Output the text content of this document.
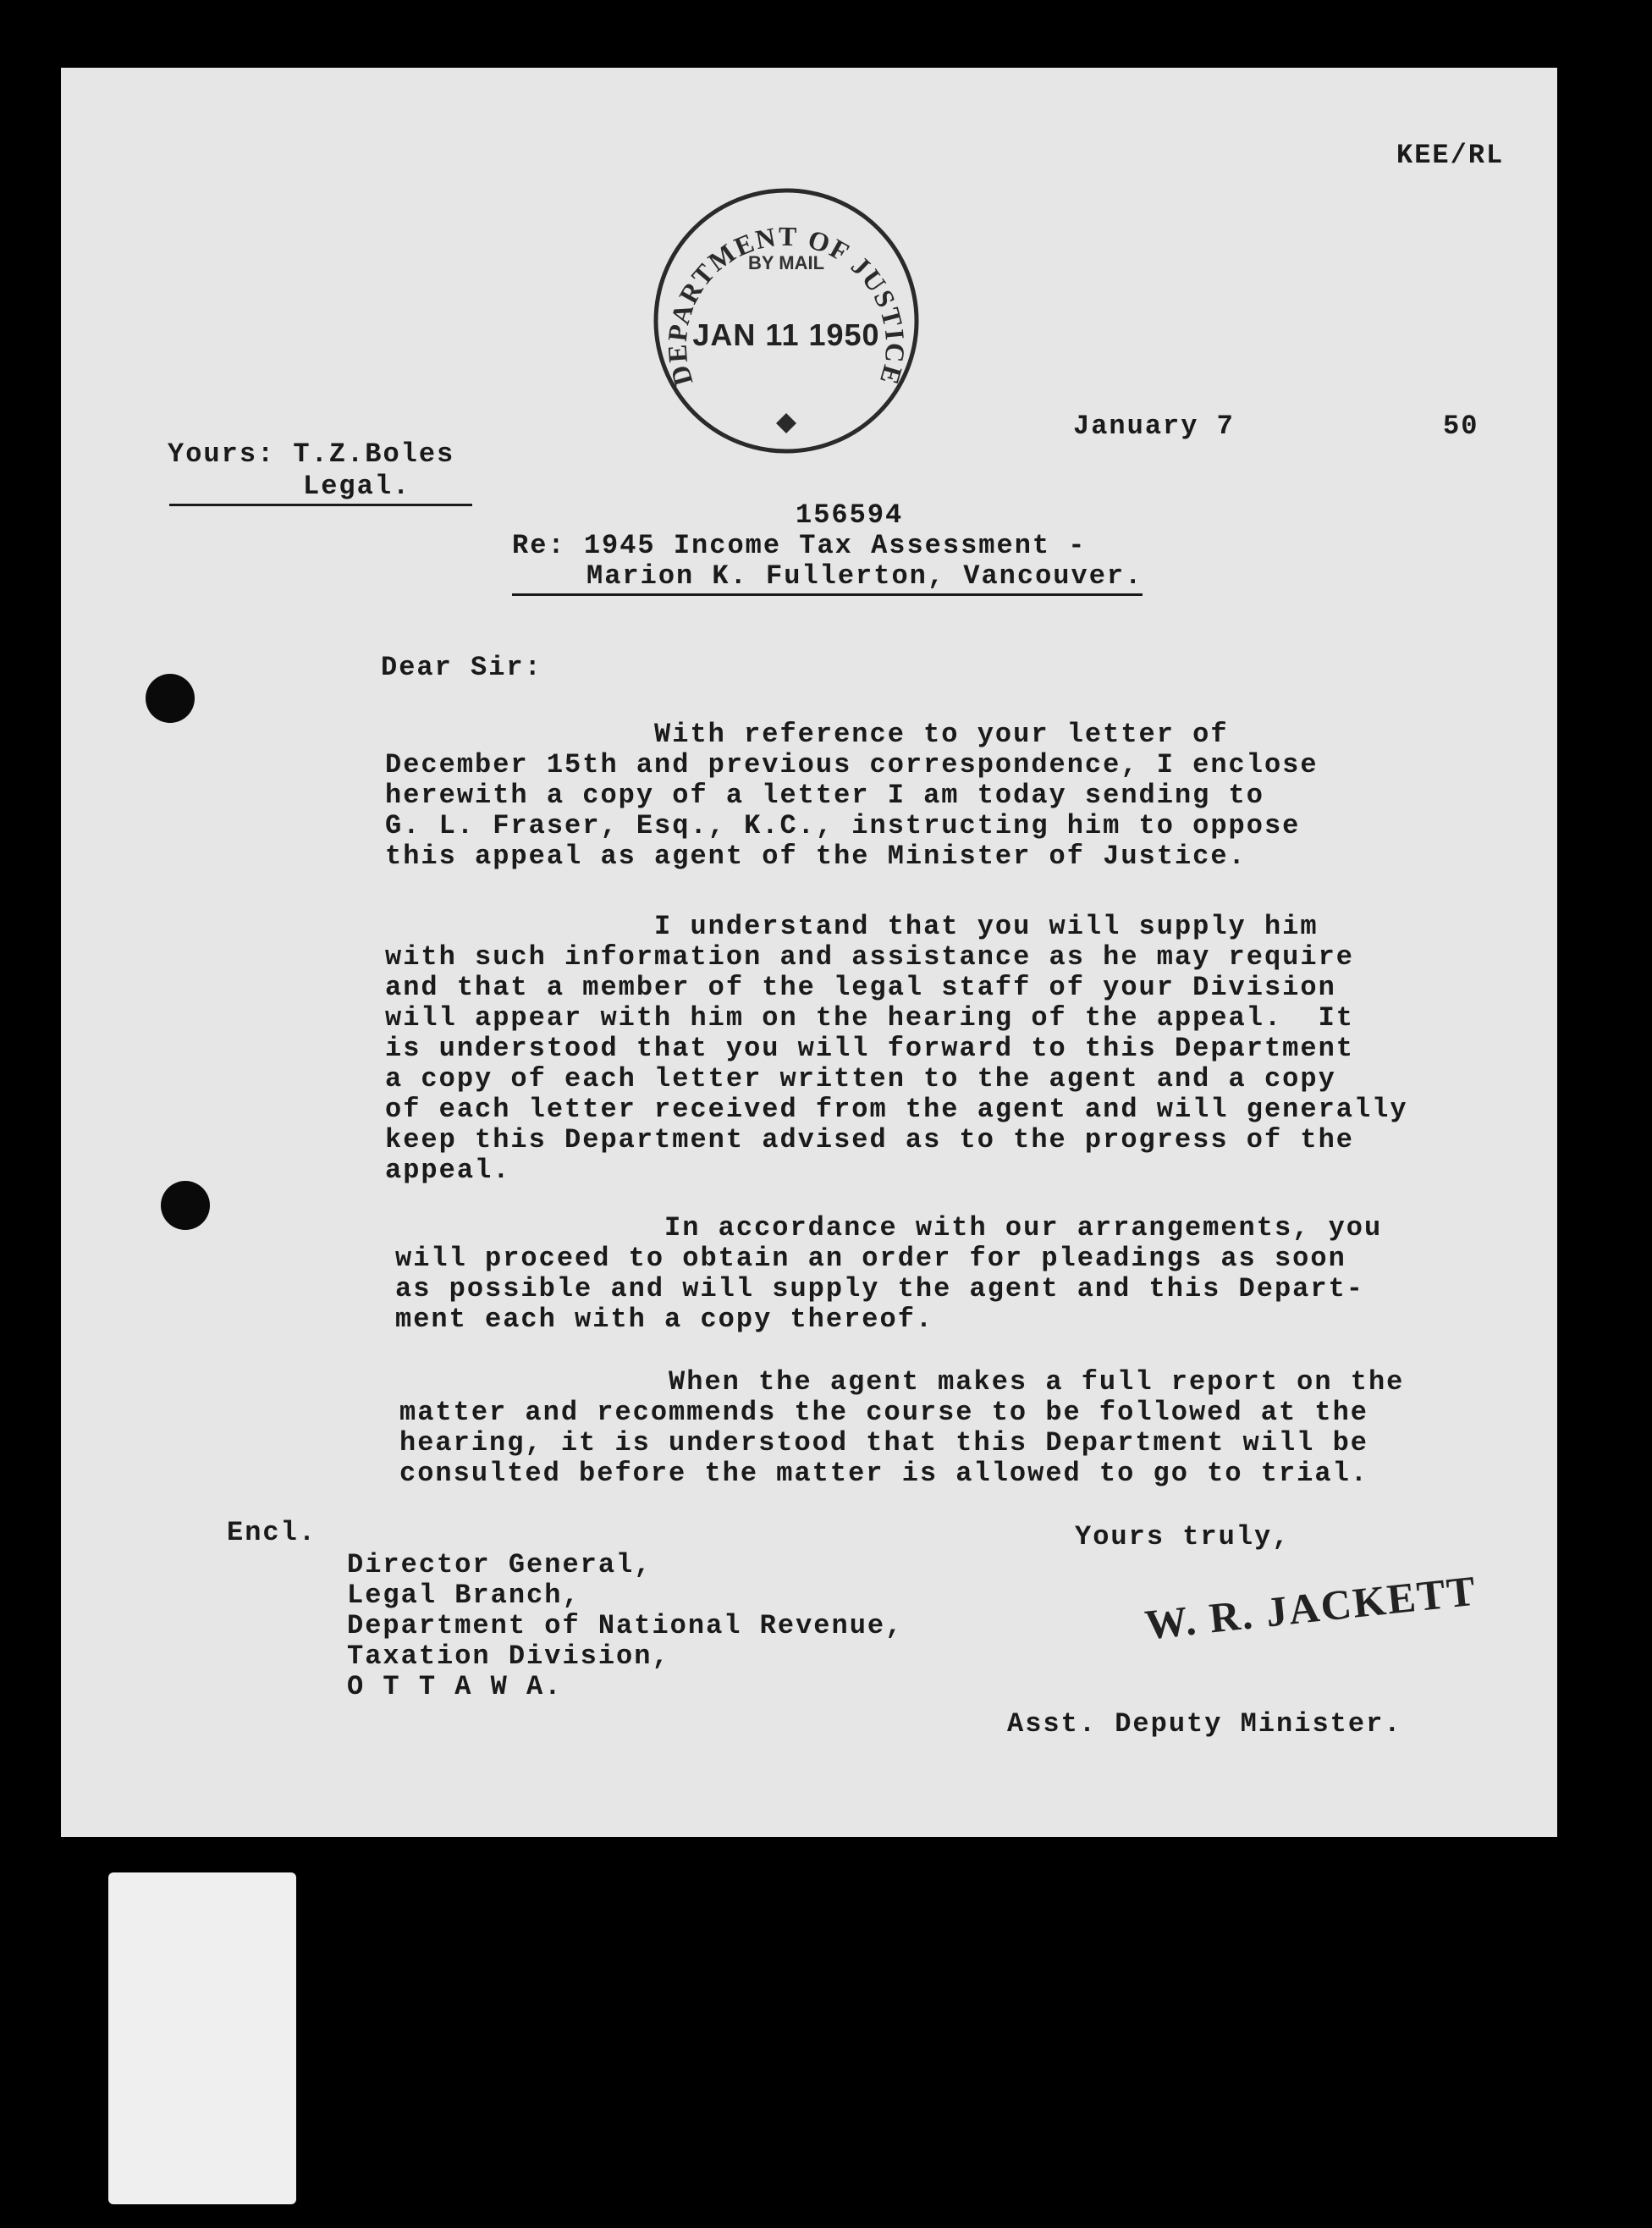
KEE/RL
DEPARTMENT OF JUSTICE
BY MAIL
JAN 11 1950
January 7	50
Yours: T.Z.Boles
Legal.
156594
Re: 1945 Income Tax Assessment -
Marion K. Fullerton, Vancouver.
Dear Sir:
With reference to your letter of
December 15th and previous correspondence, I enclose
herewith a copy of a letter I am today sending to
G. L. Fraser, Esq., K.C., instructing him to oppose
this appeal as agent of the Minister of Justice.
I understand that you will supply him
with such information and assistance as he may require
and that a member of the legal staff of your Division
will appear with him on the hearing of the appeal.  It
is understood that you will forward to this Department
a copy of each letter written to the agent and a copy
of each letter received from the agent and will generally
keep this Department advised as to the progress of the
appeal.
In accordance with our arrangements, you
will proceed to obtain an order for pleadings as soon
as possible and will supply the agent and this Depart-
ment each with a copy thereof.
When the agent makes a full report on the
matter and recommends the course to be followed at the
hearing, it is understood that this Department will be
consulted before the matter is allowed to go to trial.
Encl.	Yours truly,
Director General,
Legal Branch,
Department of National Revenue,
Taxation Division,
O T T A W A.
W. R. JACKETT
Asst. Deputy Minister.
